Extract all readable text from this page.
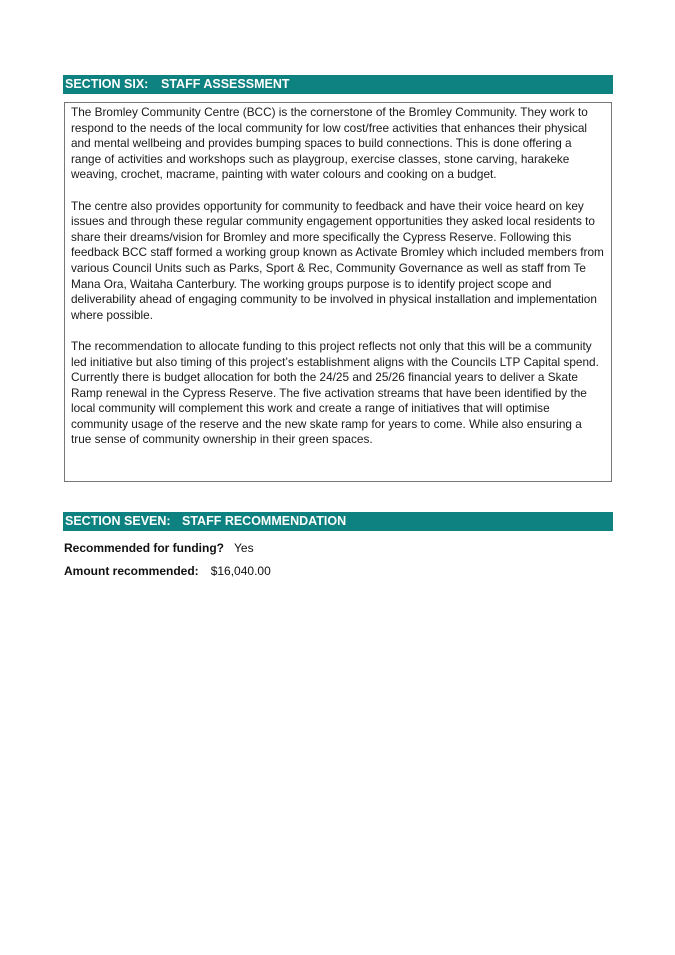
SECTION SIX: STAFF ASSESSMENT

The Bromley Community Centre (BCC) is the cornerstone of the Bromley Community. They work to respond to the needs of the local community for low cost/free activities that enhances their physical and mental wellbeing and provides bumping spaces to build connections. This is done offering a range of activities and workshops such as playgroup, exercise classes, stone carving, harakeke weaving, crochet, macrame, painting with water colours and cooking on a budget.

The centre also provides opportunity for community to feedback and have their voice heard on key issues and through these regular community engagement opportunities they asked local residents to share their dreams/vision for Bromley and more specifically the Cypress Reserve. Following this feedback BCC staff formed a working group known as Activate Bromley which included members from various Council Units such as Parks, Sport & Rec, Community Governance as well as staff from Te Mana Ora, Waitaha Canterbury. The working groups purpose is to identify project scope and deliverability ahead of engaging community to be involved in physical installation and implementation where possible.

The recommendation to allocate funding to this project reflects not only that this will be a community led initiative but also timing of this project’s establishment aligns with the Councils LTP Capital spend. Currently there is budget allocation for both the 24/25 and 25/26 financial years to deliver a Skate Ramp renewal in the Cypress Reserve. The five activation streams that have been identified by the local community will complement this work and create a range of initiatives that will optimise community usage of the reserve and the new skate ramp for years to come. While also ensuring a true sense of community ownership in their green spaces.

SECTION SEVEN: STAFF RECOMMENDATION
Recommended for funding? Yes
Amount recommended: $16,040.00
